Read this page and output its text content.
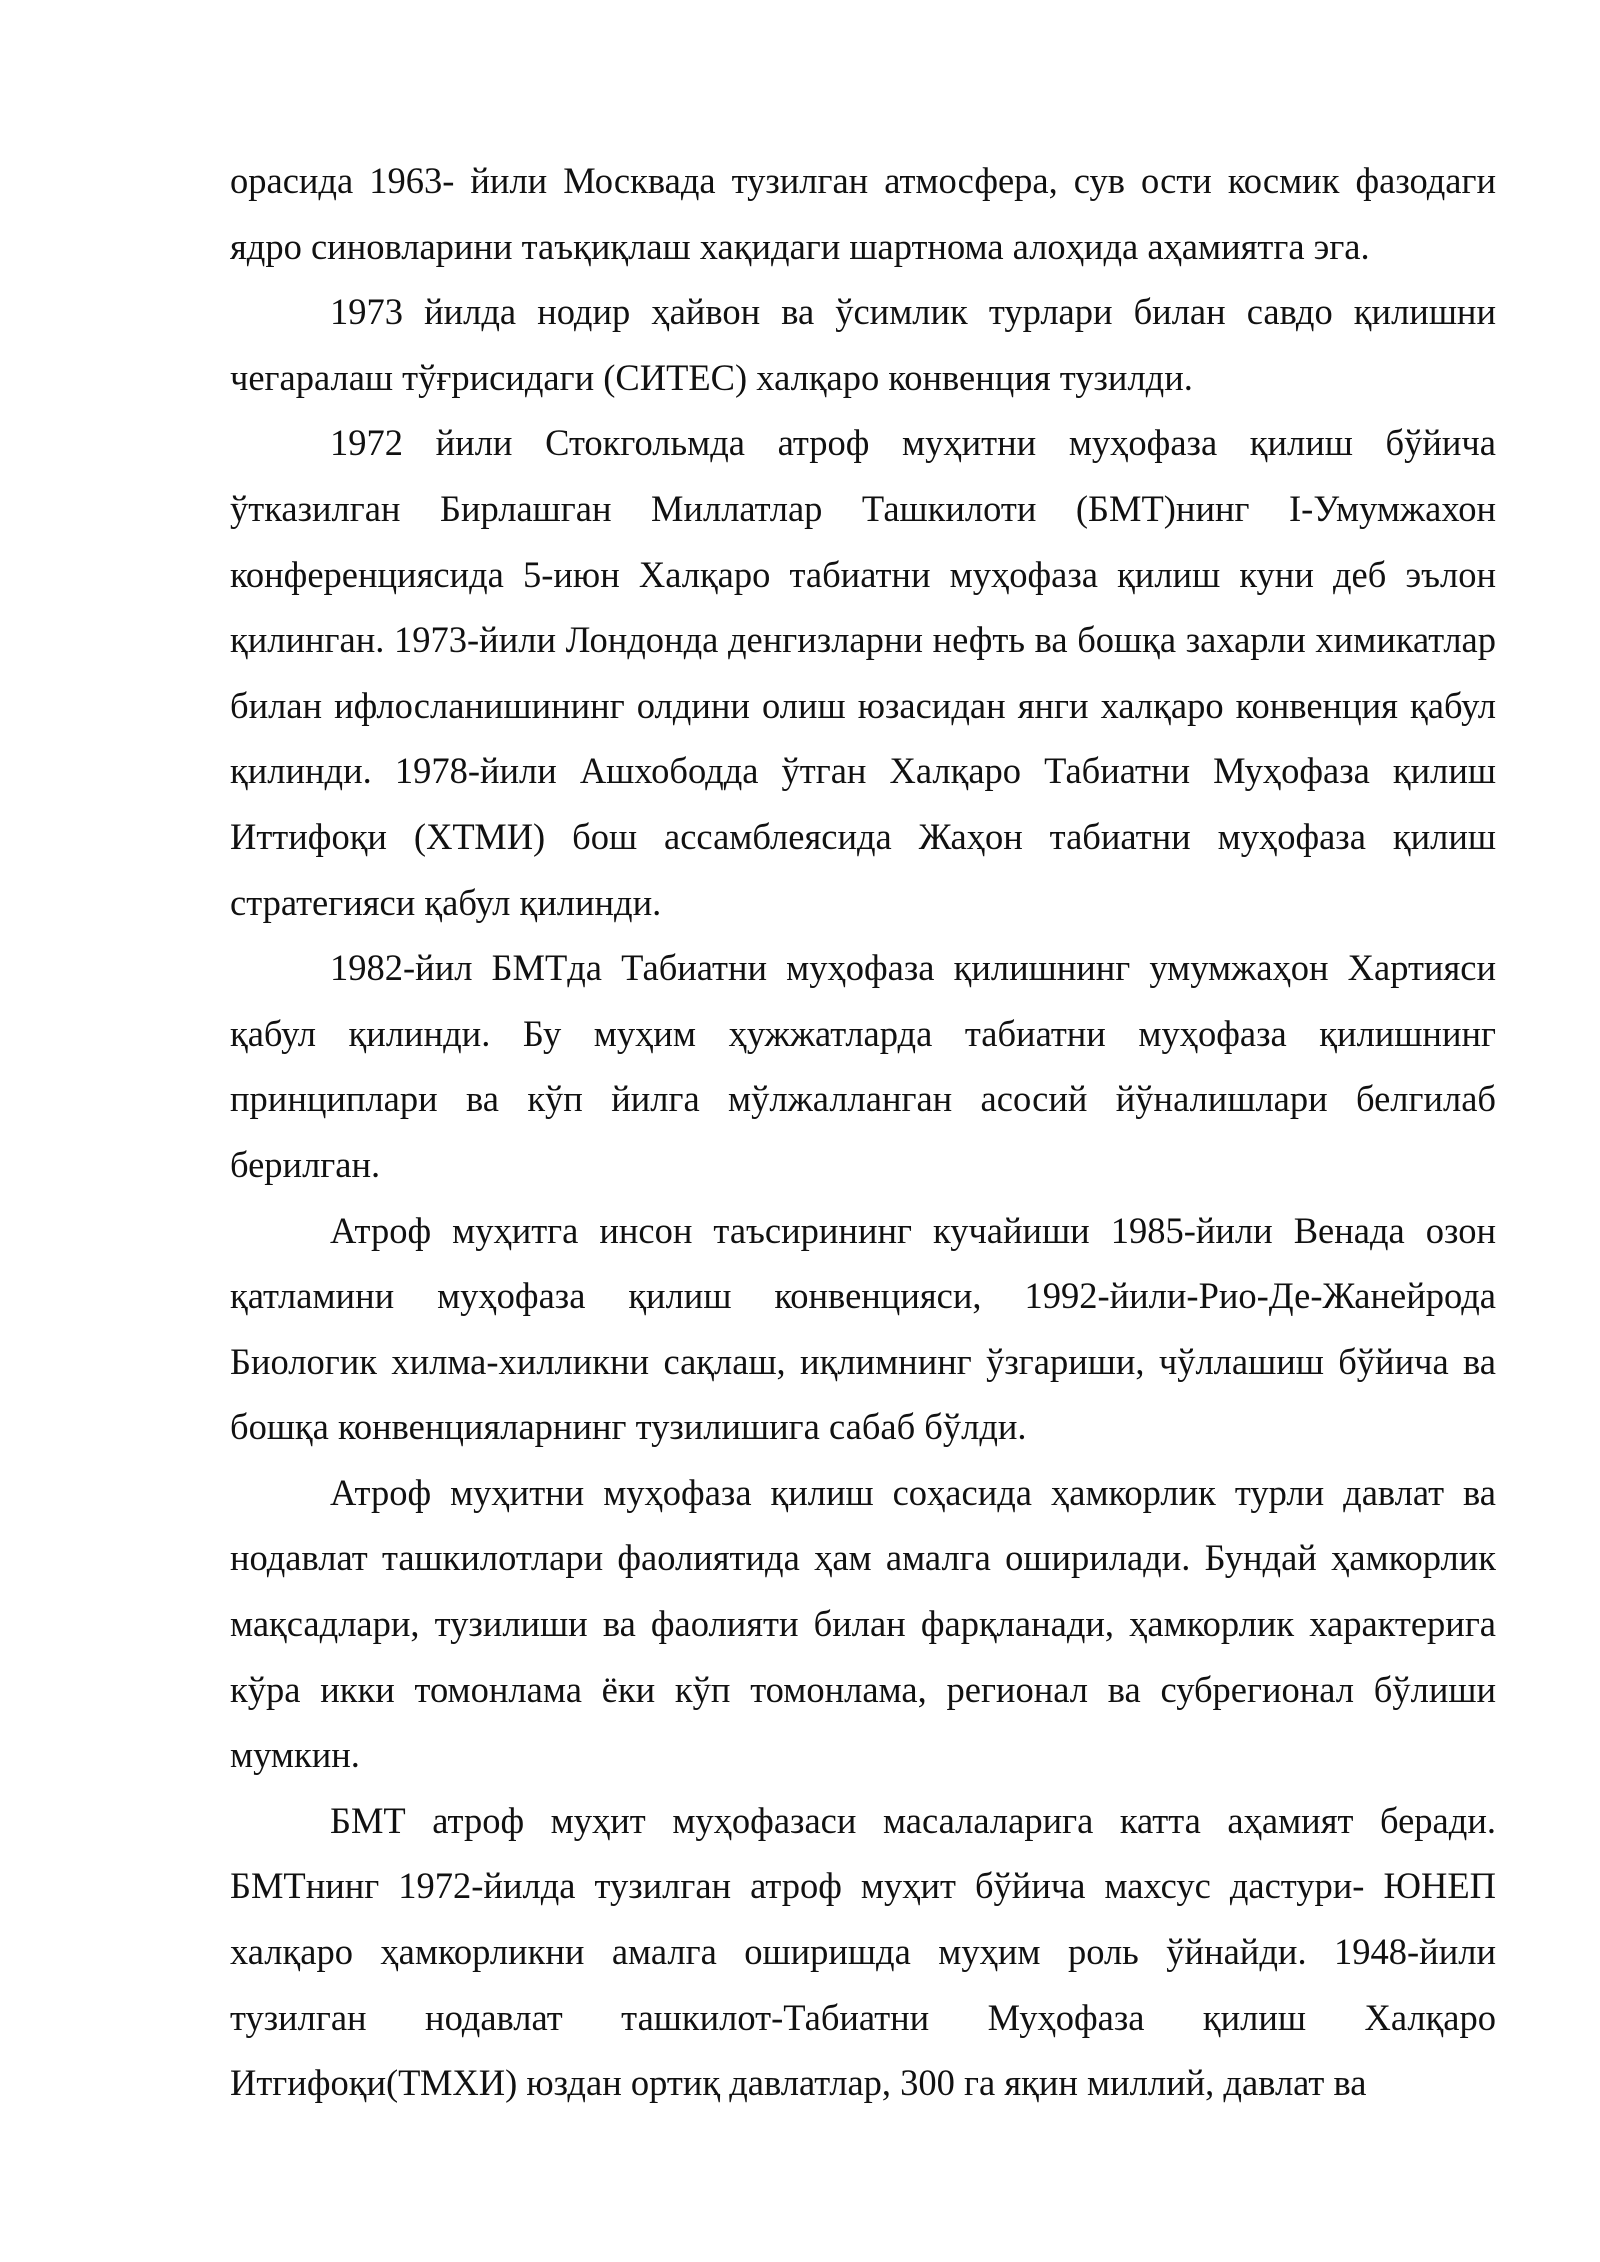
орасида 1963- йили Москвада тузилган атмосфера, сув ости космик фазодаги ядро синовларини таъқиқлаш хақидаги шартнома алоҳида аҳамиятга эга.

1973 йилда нодир ҳайвон ва ўсимлик турлари билан савдо қилишни чегаралаш тўғрисидаги (СИТЕС) халқаро конвенция тузилди.

1972 йили Стокгольмда атроф муҳитни муҳофаза қилиш бўйича ўтказилган Бирлашган Миллатлар Ташкилоти (БМТ)нинг I-Умумжахон конференциясида 5-июн Халқаро табиатни муҳофаза қилиш куни деб эълон қилинган. 1973-йили Лондонда денгизларни нефть ва бошқа захарли химикатлар билан ифлосланишининг олдини олиш юзасидан янги халқаро конвенция қабул қилинди. 1978-йили Ашхободда ўтган Халқаро Табиатни Муҳофаза қилиш Иттифоқи (ХТМИ) бош ассамблеясида Жаҳон табиатни муҳофаза қилиш стратегияси қабул қилинди.

1982-йил БМТда Табиатни муҳофаза қилишнинг умумжаҳон Хартияси қабул қилинди. Бу муҳим ҳужжатларда табиатни муҳофаза қилишнинг принциплари ва кўп йилга мўлжалланган асосий йўналишлари белгилаб берилган.

Атроф муҳитга инсон таъсирининг кучайиши 1985-йили Венада озон қатламини муҳофаза қилиш конвенцияси, 1992-йили-Рио-Де-Жанейрода Биологик хилма-хилликни сақлаш, иқлимнинг ўзгариши, чўллашиш бўйича ва бошқа конвенцияларнинг тузилишига сабаб бўлди.

Атроф муҳитни муҳофаза қилиш соҳасида ҳамкорлик турли давлат ва нодавлат ташкилотлари фаолиятида ҳам амалга оширилади. Бундай ҳамкорлик мақсадлари, тузилиши ва фаолияти билан фарқланади, ҳамкорлик характерига кўра икки томонлама ёки кўп томонлама, регионал ва субрегионал бўлиши мумкин.

БМТ атроф муҳит муҳофазаси масалаларига катта аҳамият беради. БМТнинг 1972-йилда тузилган атроф муҳит бўйича махсус дастури- ЮНЕП халқаро ҳамкорликни амалга оширишда муҳим роль ўйнайди. 1948-йили тузилган нодавлат ташкилот-Табиатни Муҳофаза қилиш Халқаро Итгифоқи(ТМХИ) юздан ортиқ давлатлар, 300 га яқин миллий, давлат ва
